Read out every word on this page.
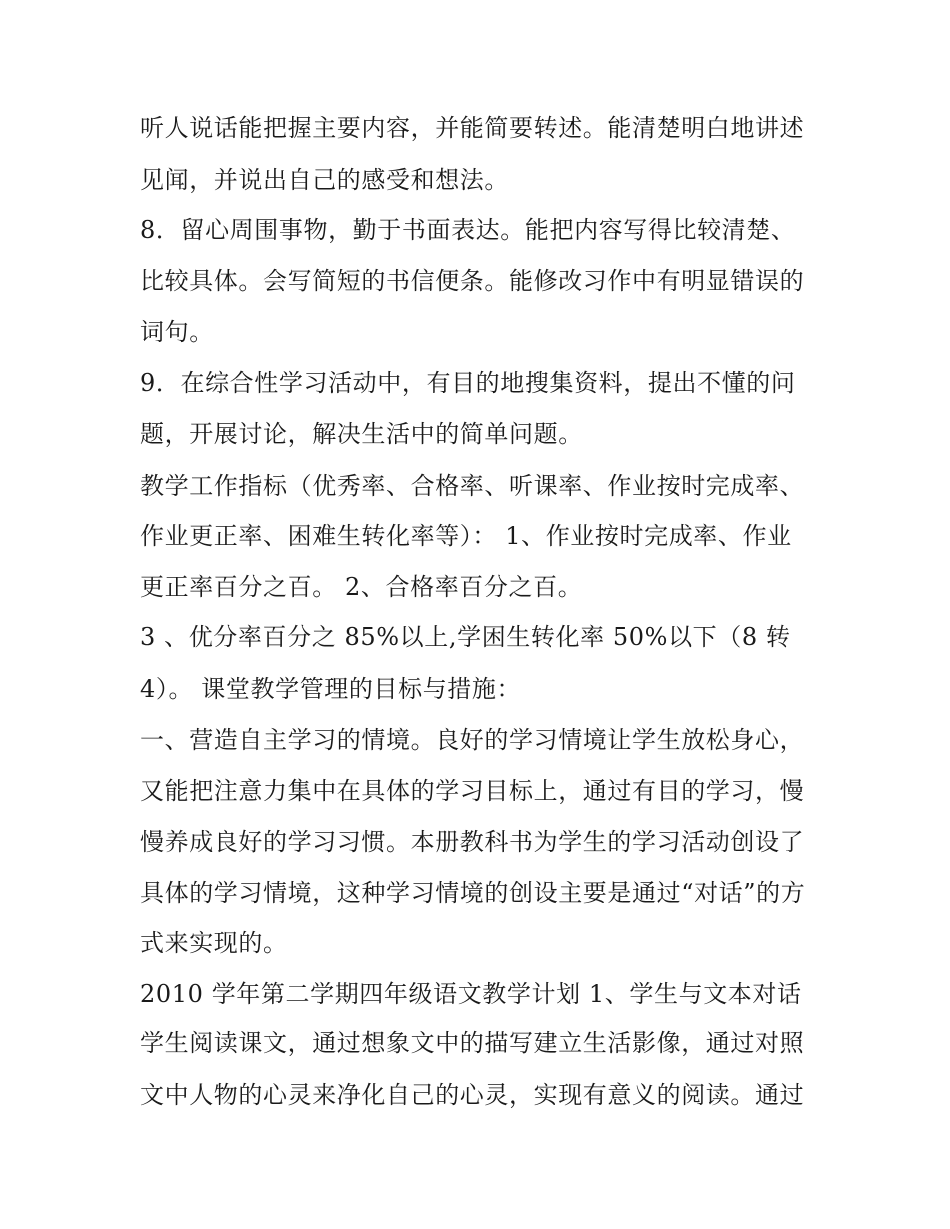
听人说话能把握主要内容，并能简要转述。能清楚明白地讲述
见闻，并说出自己的感受和想法。
8．留心周围事物，勤于书面表达。能把内容写得比较清楚、
比较具体。会写简短的书信便条。能修改习作中有明显错误的
词句。
9．在综合性学习活动中，有目的地搜集资料，提出不懂的问
题，开展讨论，解决生活中的简单问题。
教学工作指标（优秀率、合格率、听课率、作业按时完成率、
作业更正率、困难生转化率等）： 1、作业按时完成率、作业
更正率百分之百。 2、合格率百分之百。
3 、优分率百分之 85%以上,学困生转化率 50%以下（8 转
4）。 课堂教学管理的目标与措施：
一、营造自主学习的情境。良好的学习情境让学生放松身心，
又能把注意力集中在具体的学习目标上，通过有目的学习，慢
慢养成良好的学习习惯。本册教科书为学生的学习活动创设了
具体的学习情境，这种学习情境的创设主要是通过“对话”的方
式来实现的。
2010 学年第二学期四年级语文教学计划 1、学生与文本对话
学生阅读课文，通过想象文中的描写建立生活影像，通过对照
文中人物的心灵来净化自己的心灵，实现有意义的阅读。通过
